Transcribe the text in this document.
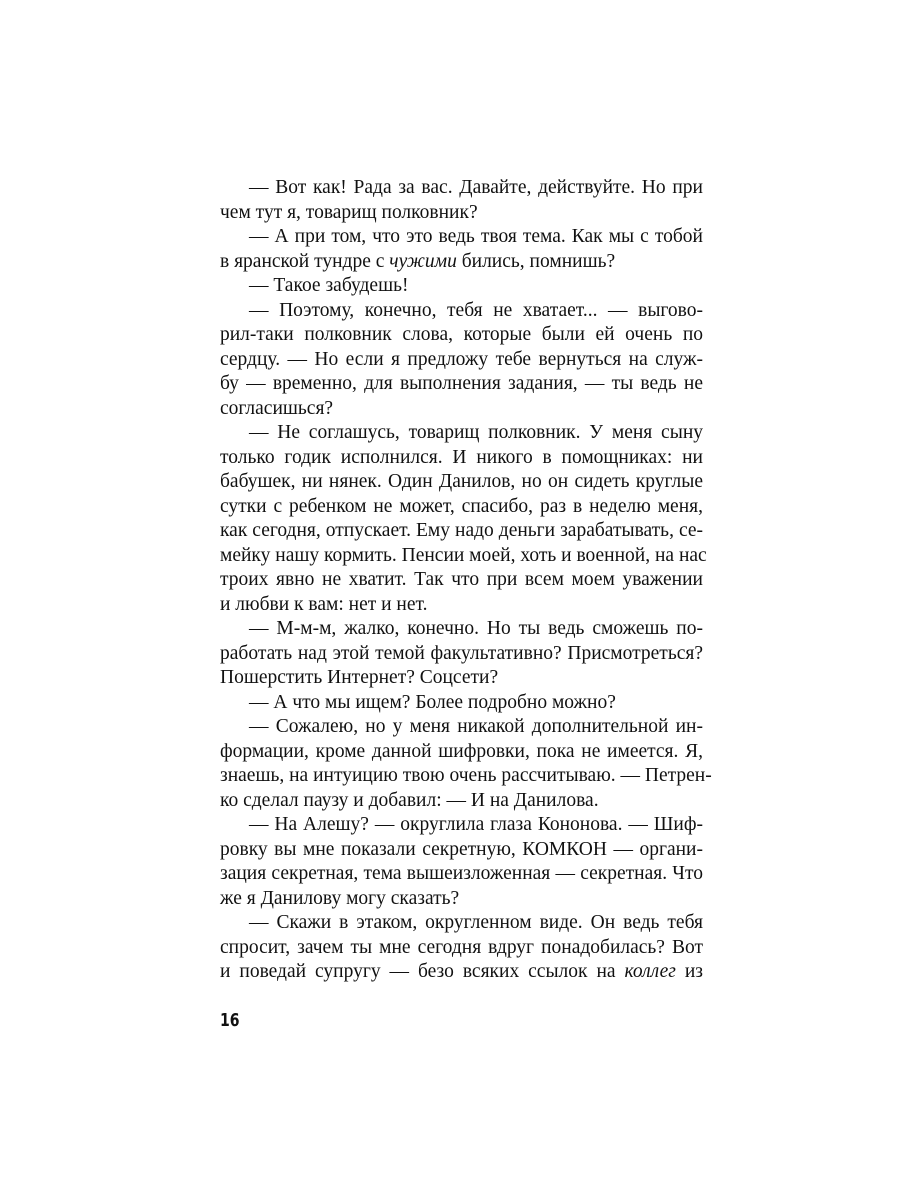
— Вот как! Рада за вас. Давайте, действуйте. Но при
чем тут я, товарищ полковник?
— А при том, что это ведь твоя тема. Как мы с тобой
в яранской тундре с чужими бились, помнишь?
— Такое забудешь!
— Поэтому, конечно, тебя не хватает... — выгово-
рил-таки полковник слова, которые были ей очень по
сердцу. — Но если я предложу тебе вернуться на служ-
бу — временно, для выполнения задания, — ты ведь не
согласишься?
— Не соглашусь, товарищ полковник. У меня сыну
только годик исполнился. И никого в помощниках: ни
бабушек, ни нянек. Один Данилов, но он сидеть круглые
сутки с ребенком не может, спасибо, раз в неделю меня,
как сегодня, отпускает. Ему надо деньги зарабатывать, се-
мейку нашу кормить. Пенсии моей, хоть и военной, на нас
троих явно не хватит. Так что при всем моем уважении
и любви к вам: нет и нет.
— М-м-м, жалко, конечно. Но ты ведь сможешь по-
работать над этой темой факультативно? Присмотреться?
Пошерстить Интернет? Соцсети?
— А что мы ищем? Более подробно можно?
— Сожалею, но у меня никакой дополнительной ин-
формации, кроме данной шифровки, пока не имеется. Я,
знаешь, на интуицию твою очень рассчитываю. — Петрен-
ко сделал паузу и добавил: — И на Данилова.
— На Алешу? — округлила глаза Кононова. — Шиф-
ровку вы мне показали секретную, КОМКОН — органи-
зация секретная, тема вышеизложенная — секретная. Что
же я Данилову могу сказать?
— Скажи в этаком, округленном виде. Он ведь тебя
спросит, зачем ты мне сегодня вдруг понадобилась? Вот
и поведай супругу — безо всяких ссылок на коллег из
16
